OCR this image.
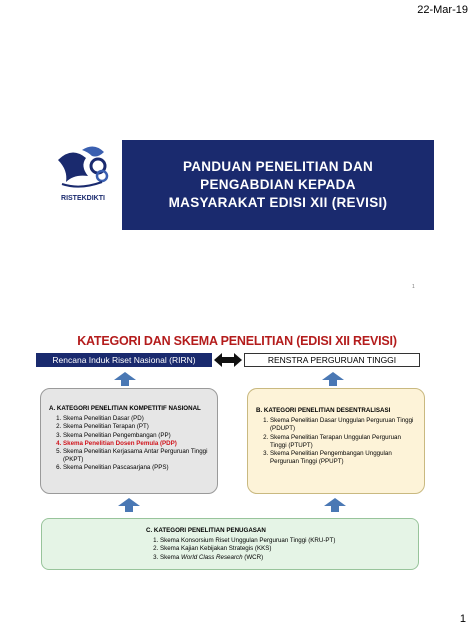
22-Mar-19
RISTEKDIKTI
PANDUAN PENELITIAN DAN
PENGABDIAN KEPADA
MASYARAKAT EDISI XII (REVISI)
1
KATEGORI DAN SKEMA PENELITIAN (EDISI XII REVISI)
Rencana Induk Riset Nasional (RIRN)	RENSTRA PERGURUAN TINGGI
A. KATEGORI PENELITIAN KOMPETITIF NASIONAL
1. Skema Penelitian Dasar (PD)
2. Skema Penelitian Terapan (PT)
3. Skema Penelitian Pengembangan (PP)
4. Skema Penelitian Dosen Pemula (PDP)
5. Skema Penelitian Kerjasama Antar Perguruan Tinggi (PKPT)
6. Skema Penelitian Pascasarjana (PPS)
B. KATEGORI PENELITIAN DESENTRALISASI
1. Skema Penelitian Dasar Unggulan Perguruan Tinggi (PDUPT)
2. Skema Penelitian Terapan Unggulan Perguruan Tinggi (PTUPT)
3. Skema Penelitian Pengembangan Unggulan Perguruan Tinggi (PPUPT)
C. KATEGORI PENELITIAN PENUGASAN
1. Skema Konsorsium Riset Unggulan Perguruan Tinggi (KRU-PT)
2. Skema Kajian Kebijakan Strategis (KKS)
3. Skema World Class Research (WCR)
1
